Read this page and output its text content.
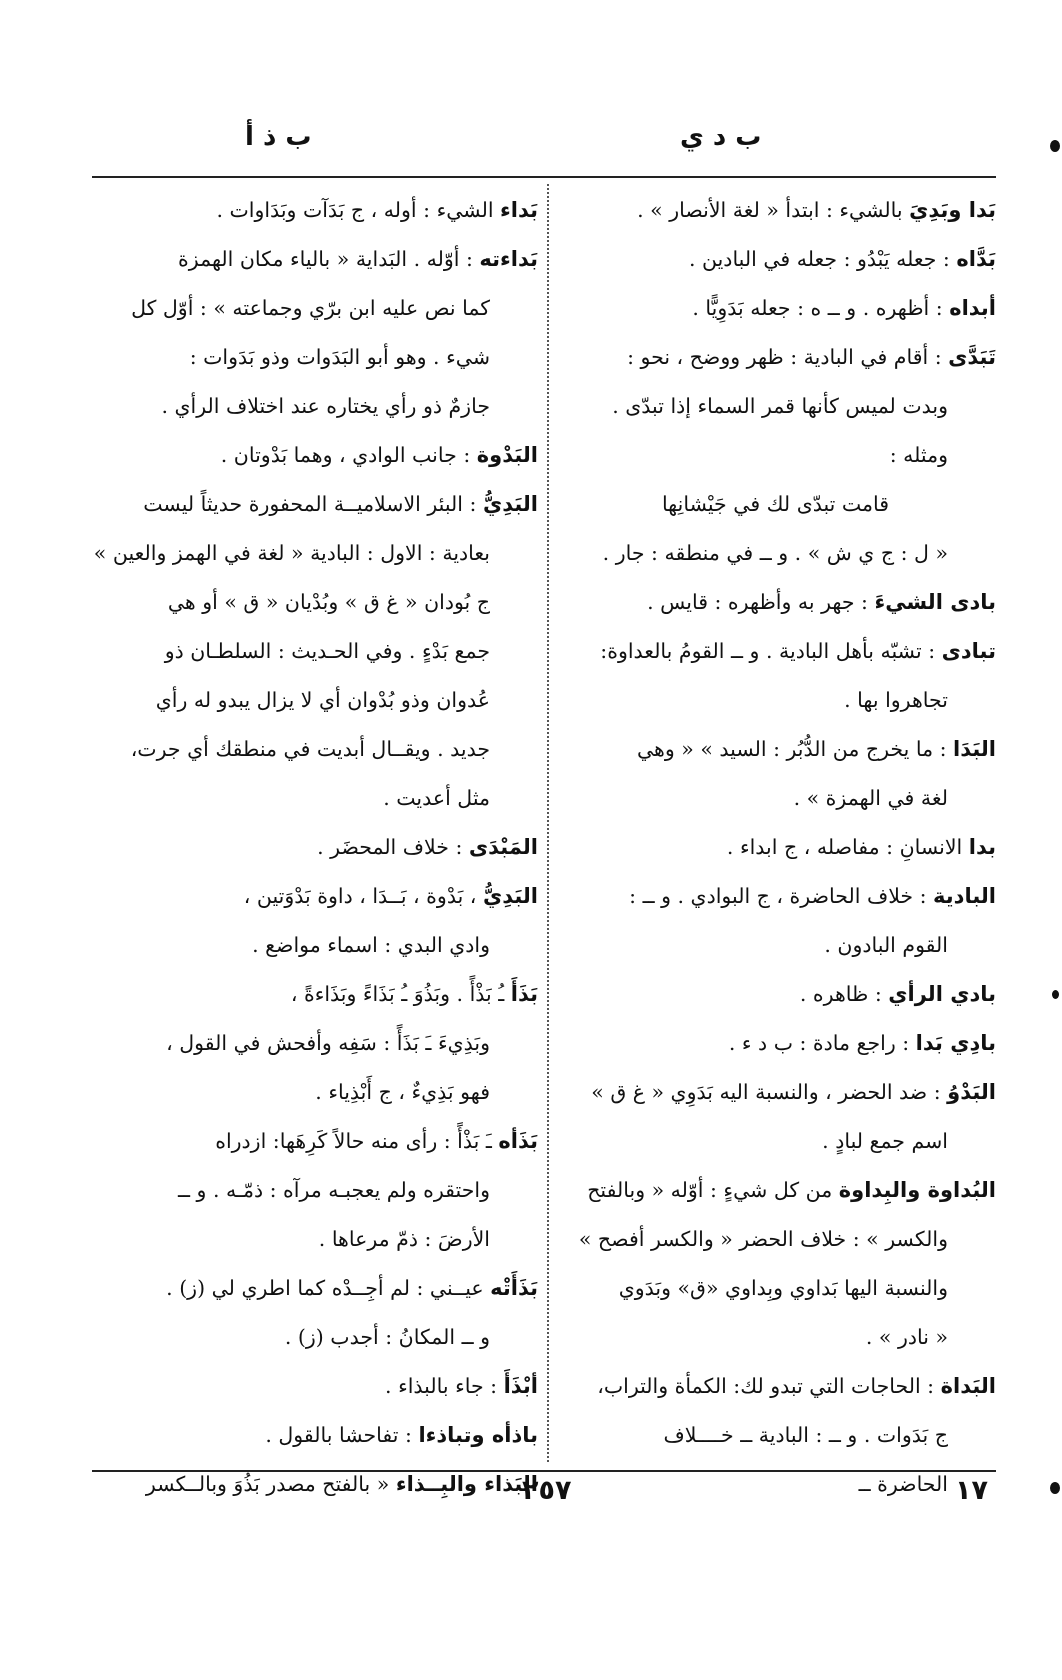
ب د ي
ب ذ أ
بَدا وبَدِيَ بالشيء : ابتدأ « لغة الأنصار » .
بَدَّاه : جعله يَبْدُو : جعله في البادين .
أبداه : أظهره . و ــ ه : جعله بَدَوِيًّا .
تَبَدَّى : أقام في البادية : ظهر ووضح ، نحو :
وبدت لميس كأنها قمر السماء إذا تبدّى .
ومثله :
قامت تبدّى لك في جَيْشانِها
« ل : ج ي ش » . و ــ في منطقه : جار .
بادى الشيءَ : جهر به وأظهره : قايس .
تبادى : تشبّه بأهل البادية . و ــ القومُ بالعداوة:
تجاهروا بها .
البَدَا : ما يخرج من الدُّبُر : السيد » « وهي
لغة في الهمزة » .
بدا الانسانِ : مفاصله ، ج ابداء .
البادية : خلاف الحاضرة ، ج البوادي . و ــ :
القوم البادون .
بادي الرأي : ظاهره .
بادِي بَدا : راجع مادة : ب د ء .
البَدْوُ : ضد الحضر ، والنسبة اليه بَدَوِي « غ ق »
اسم جمع لبادٍ .
البُداوة والبِداوة من كل شيءٍ : أوّله « وبالفتح
والكسر » : خلاف الحضر « والكسر أفصح »
والنسبة اليها بَداوي وبِداوي «ق» وبَدَوي
« نادر » .
البَداة : الحاجات التي تبدو لك: الكمأة والتراب،
ج بَدَوات . و ــ : البادية ــ خــــلاف
الحاضرة ــ
بَداء الشيء : أوله ، ج بَدَآت وبَدَاوات .
بَداءته : أوّله . البَداية « بالياء مكان الهمزة
كما نص عليه ابن برّي وجماعته » : أوّل كل
شيء . وهو أبو البَدَوات وذو بَدَوات :
جازمٌ ذو رأي يختاره عند اختلاف الرأي .
البَدْوة : جانب الوادي ، وهما بَدْوتان .
البَدِيُّ : البئر الاسلاميــة المحفورة حديثاً ليست
بعادية : الاول : البادية « لغة في الهمز والعين »
ج بُودان « غ ق » وبُدْيان « ق » أو هي
جمع بَدْءٍ . وفي الحـديث : السلطـان ذو
عُدوان وذو بُدْوان أي لا يزال يبدو له رأي
جديد . ويقــال أبديت في منطقك أي جرت،
مثل أعديت .
المَبْدَى : خلاف المحضَر .
البَدِيُّ ، بَدْوة ، بَــدَا ، داوة بَدْوَتين ،
وادي البدي : اسماء مواضع .
بَذَأَ ـُ بَذْأً . وبَذُوَ ـُ بَذَاءً وبَذَاءةً ،
وبَذِيءَ ـَ بَذَأً : سَفِه وأفحش في القول ،
فهو بَذِيءٌ ، ج أَبْذِياء .
بَذَأه ـَ بَذْأً : رأى منه حالاً كَرِهَها: ازدراه
واحتقره ولم يعجبـه مرآه : ذمّـه . و ــ
الأرضَ : ذمّ مرعاها .
بَذَأَتْه عيــني : لم أجِــدْه كما اطري لي (ز) .
و ــ المكانُ : أجدب (ز) .
أبْذَأَ : جاء بالبذاء .
باذأه وتباذءا : تفاحشا بالقول .
البَذاء والبِــذاء « بالفتح مصدر بَذُوَ وبالــكسر	١٧
٢٥٧
